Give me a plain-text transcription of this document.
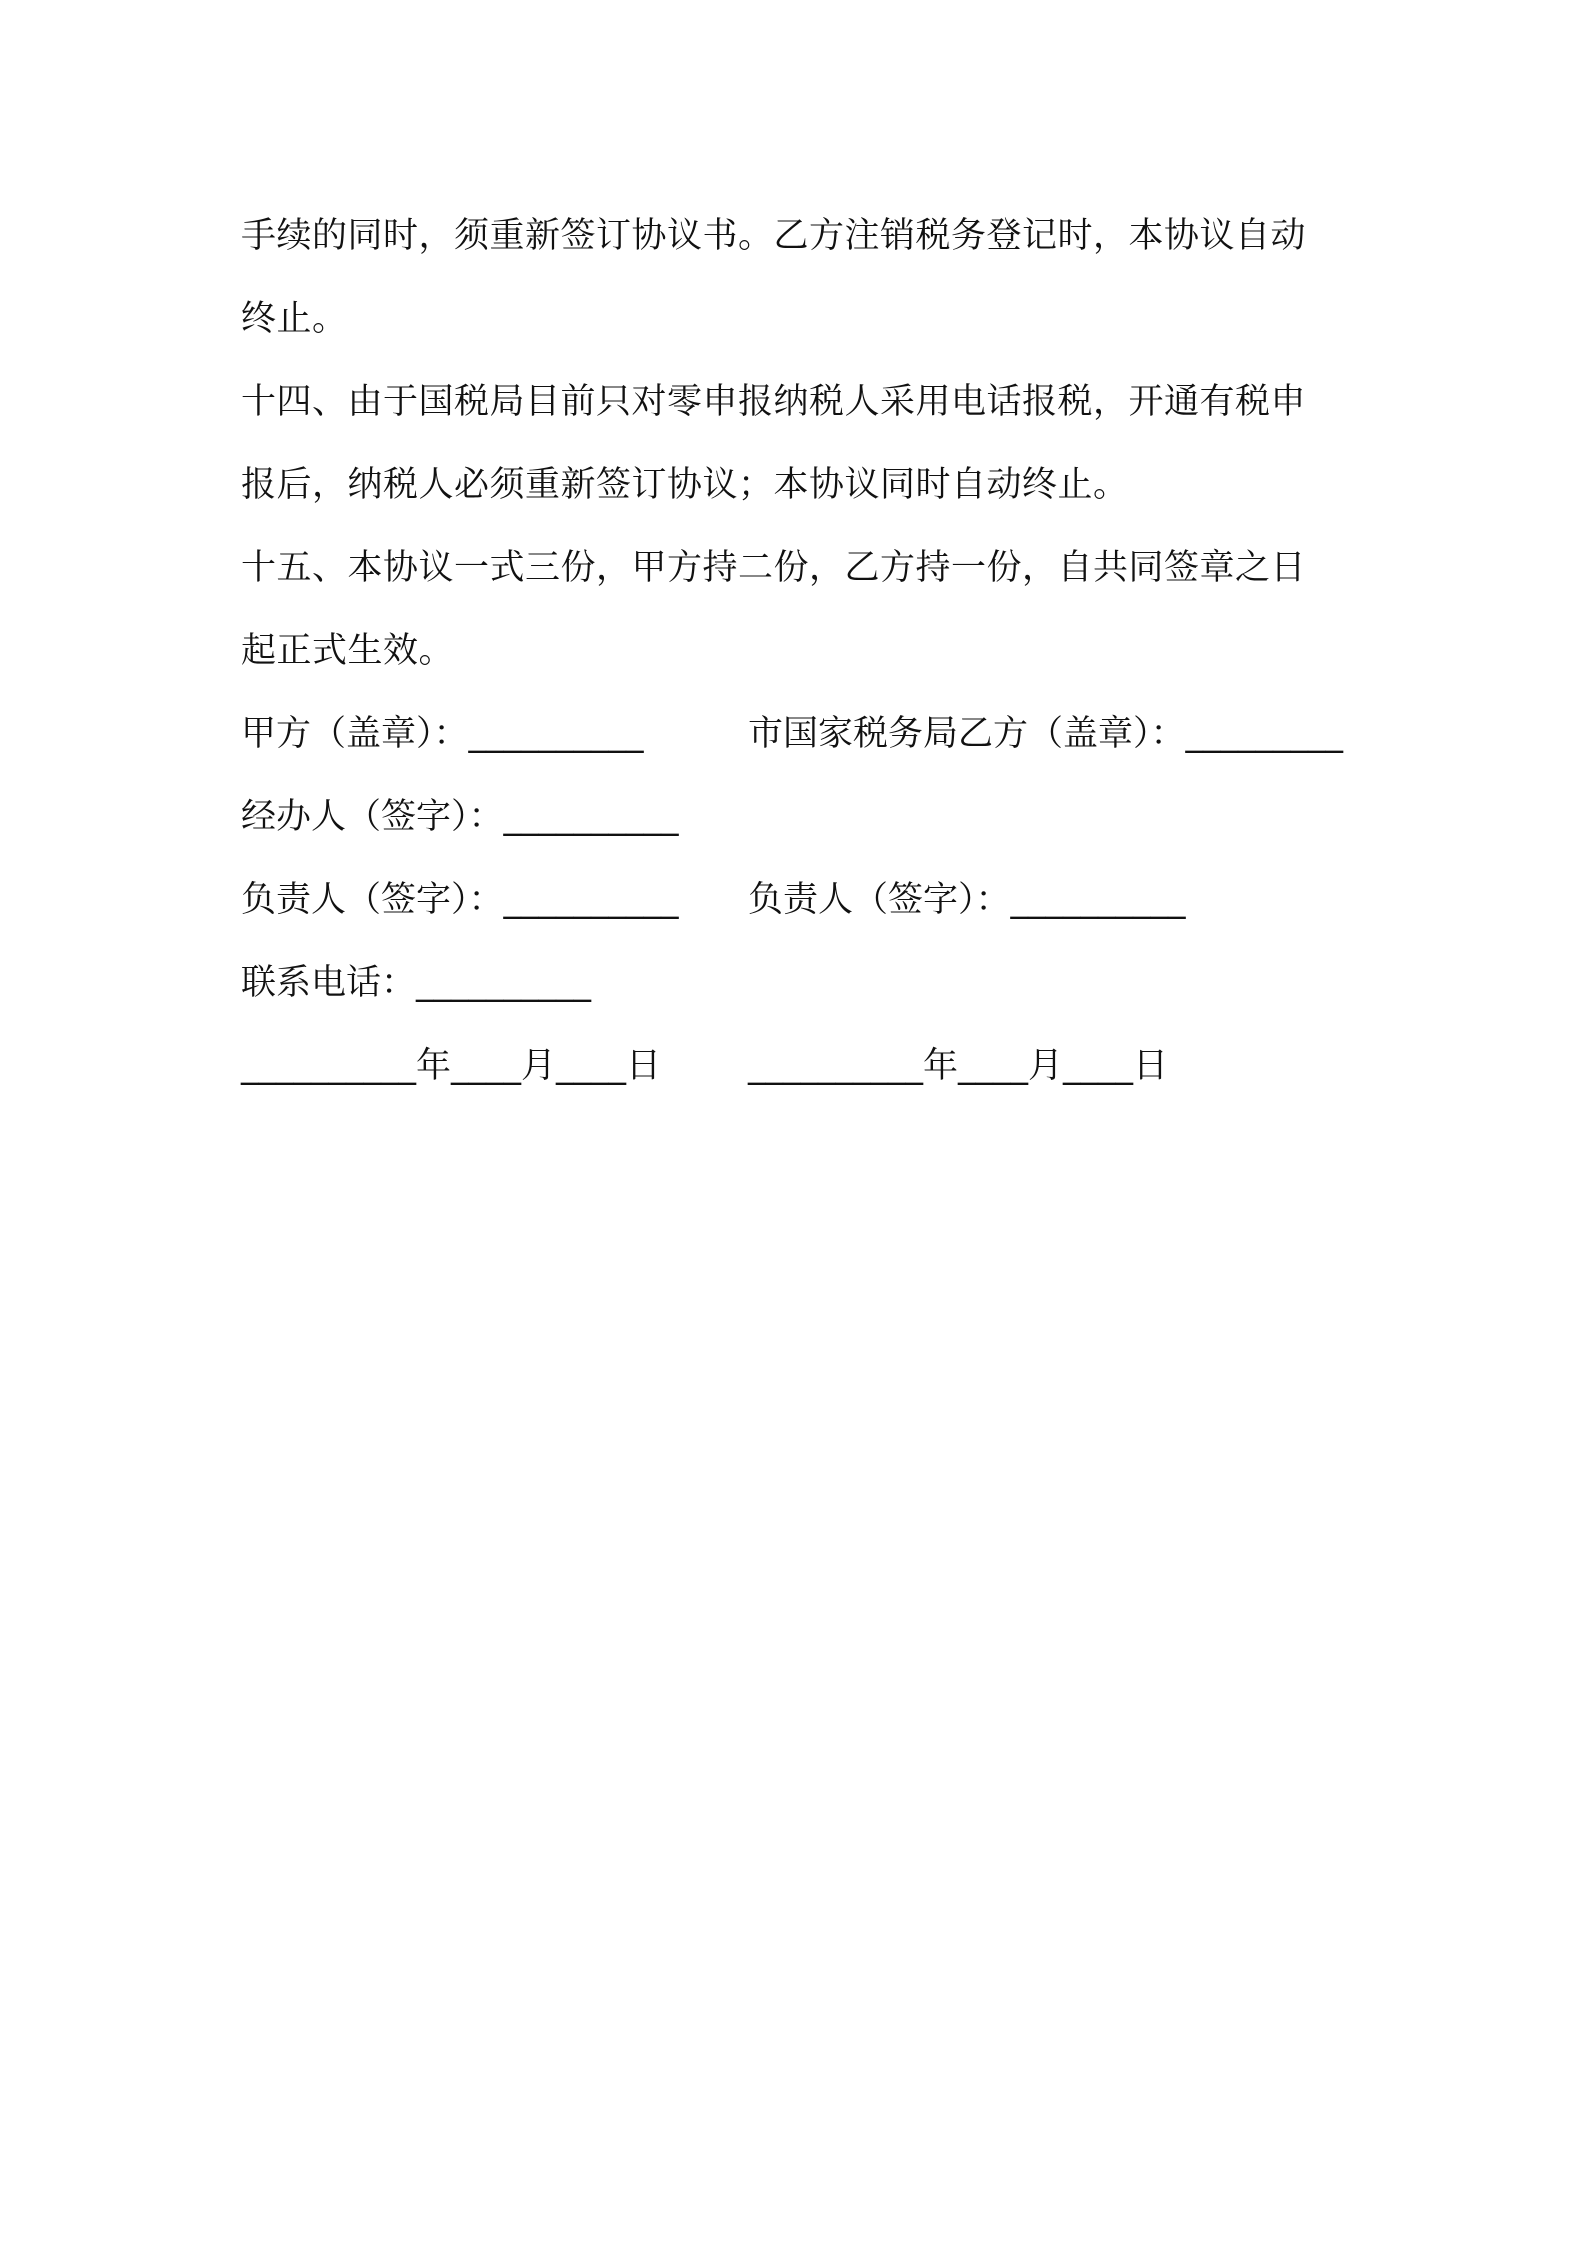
手续的同时，须重新签订协议书。乙方注销税务登记时，本协议自动
终止。
十四、由于国税局目前只对零申报纳税人采用电话报税，开通有税申
报后，纳税人必须重新签订协议；本协议同时自动终止。
十五、本协议一式三份，甲方持二份，乙方持一份，自共同签章之日
起正式生效。
甲方（盖章）：__________	市国家税务局乙方（盖章）：_________
经办人（签字）：__________
负责人（签字）：__________ 负责人（签字）：__________
联系电话：__________
__________年____月____日 __________年____月____日
